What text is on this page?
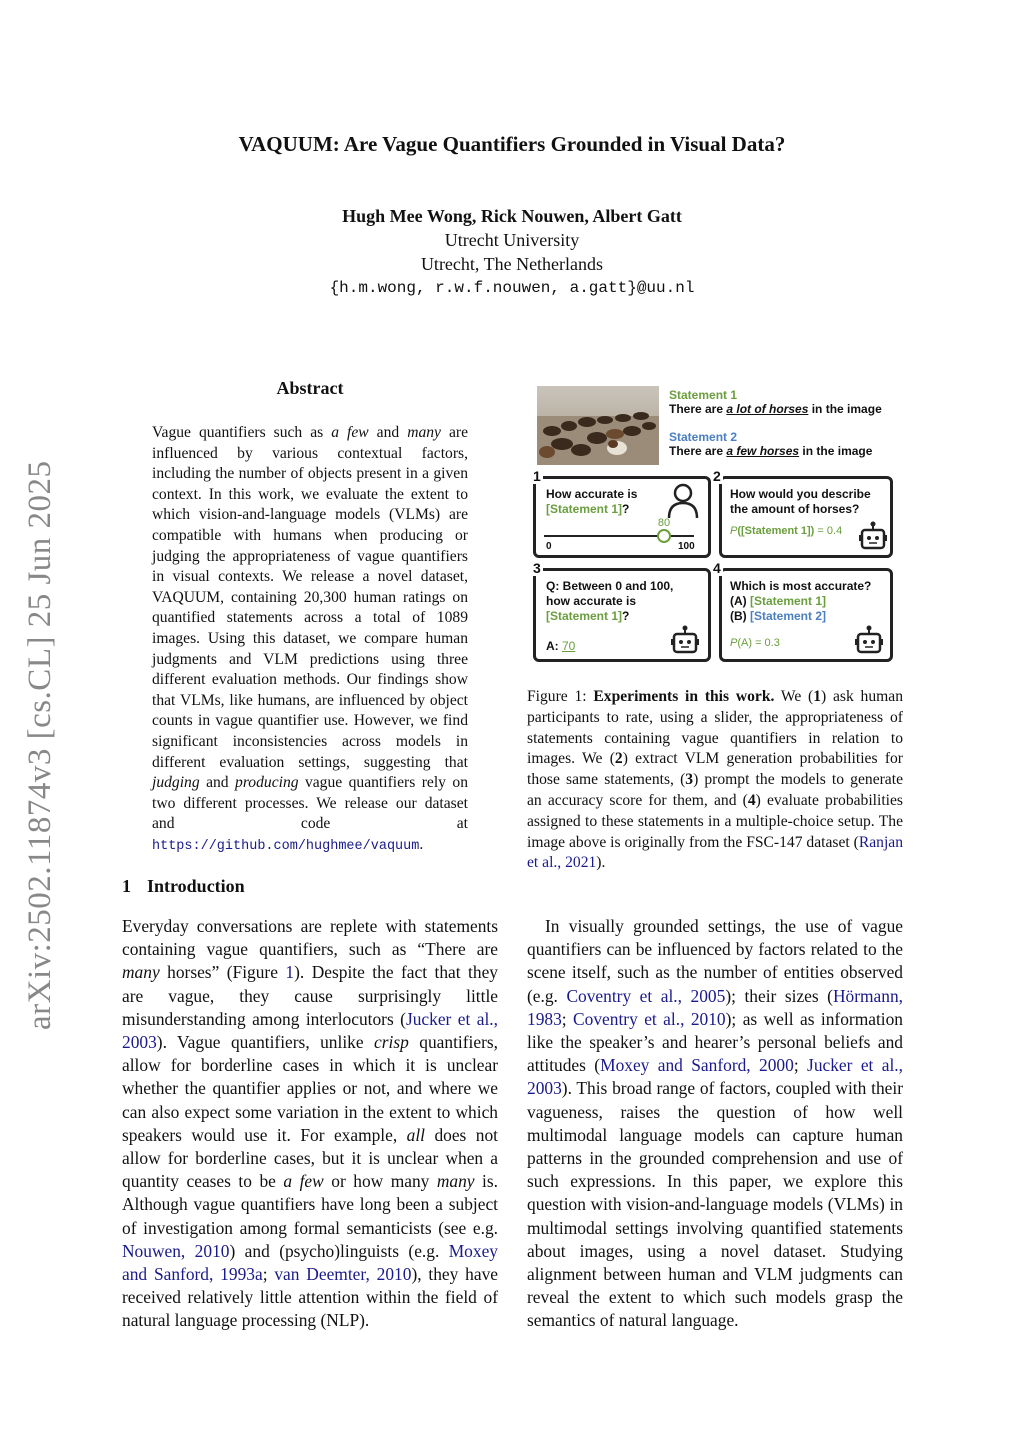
VAQUUM: Are Vague Quantifiers Grounded in Visual Data?
Hugh Mee Wong, Rick Nouwen, Albert Gatt
Utrecht University
Utrecht, The Netherlands
{h.m.wong, r.w.f.nouwen, a.gatt}@uu.nl
arXiv:2502.11874v3 [cs.CL] 25 Jun 2025
Abstract

Vague quantifiers such as a few and many are influenced by various contextual factors, including the number of objects present in a given context. In this work, we evaluate the extent to which vision-and-language models (VLMs) are compatible with humans when producing or judging the appropriateness of vague quantifiers in visual contexts. We release a novel dataset, VAQUUM, containing 20,300 human ratings on quantified statements across a total of 1089 images. Using this dataset, we compare human judgments and VLM predictions using three different evaluation methods. Our findings show that VLMs, like humans, are influenced by object counts in vague quantifier use. However, we find significant inconsistencies across models in different evaluation settings, suggesting that judging and producing vague quantifiers rely on two different processes. We release our dataset and code at https://github.com/hughmee/vaquum.

Statement 1
There are a lot of horses in the image
Statement 2
There are a few horses in the image
How accurate is
[Statement 1]?
80
0	100
1
How would you describe
the amount of horses?
P([Statement 1]) = 0.4
2
Q: Between 0 and 100,
how accurate is
[Statement 1]?
A: 70
3
Which is most accurate?
(A) [Statement 1]
(B) [Statement 2]
P(A) = 0.3
4

Figure 1: Experiments in this work. We (1) ask human participants to rate, using a slider, the appropriateness of statements containing vague quantifiers in relation to images. We (2) extract VLM generation probabilities for those same statements, (3) prompt the models to generate an accuracy score for them, and (4) evaluate probabilities assigned to these statements in a multiple-choice setup. The image above is originally from the FSC-147 dataset (Ranjan et al., 2021).

1 Introduction

Everyday conversations are replete with statements containing vague quantifiers, such as “There are many horses” (Figure 1). Despite the fact that they are vague, they cause surprisingly little misunderstanding among interlocutors (Jucker et al., 2003). Vague quantifiers, unlike crisp quantifiers, allow for borderline cases in which it is unclear whether the quantifier applies or not, and where we can also expect some variation in the extent to which speakers would use it. For example, all does not allow for borderline cases, but it is unclear when a quantity ceases to be a few or how many many is. Although vague quantifiers have long been a subject of investigation among formal semanticists (see e.g. Nouwen, 2010) and (psycho)linguists (e.g. Moxey and Sanford, 1993a; van Deemter, 2010), they have received relatively little attention within the field of natural language processing (NLP).

In visually grounded settings, the use of vague quantifiers can be influenced by factors related to the scene itself, such as the number of entities observed (e.g. Coventry et al., 2005); their sizes (Hörmann, 1983; Coventry et al., 2010); as well as information like the speaker’s and hearer’s personal beliefs and attitudes (Moxey and Sanford, 2000; Jucker et al., 2003). This broad range of factors, coupled with their vagueness, raises the question of how well multimodal language models can capture human patterns in the grounded comprehension and use of such expressions. In this paper, we explore this question with vision-and-language models (VLMs) in multimodal settings involving quantified statements about images, using a novel dataset. Studying alignment between human and VLM judgments can reveal the extent to which such models grasp the semantics of natural language.
